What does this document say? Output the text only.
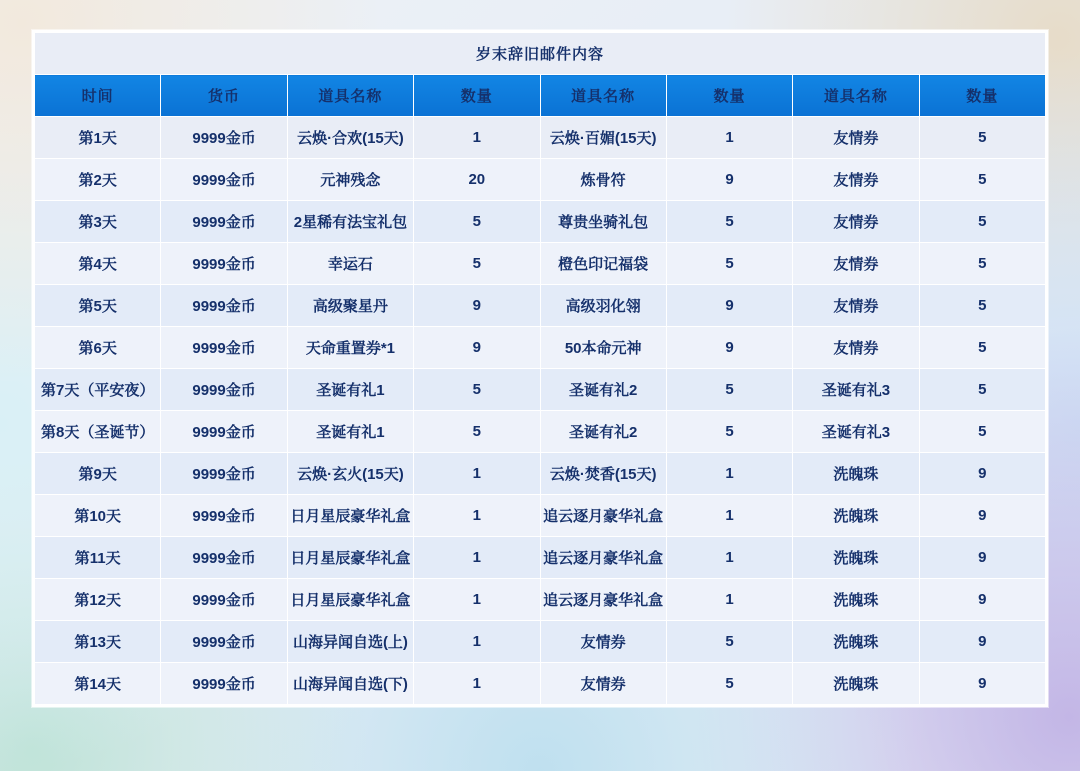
岁末辞旧邮件内容							
时间	货币	道具名称	数量	道具名称	数量	道具名称	数量
第1天	9999金币	云焕·合欢(15天)	1	云焕·百媚(15天)	1	友情券	5
第2天	9999金币	元神残念	20	炼骨符	9	友情券	5
第3天	9999金币	2星稀有法宝礼包	5	尊贵坐骑礼包	5	友情券	5
第4天	9999金币	幸运石	5	橙色印记福袋	5	友情券	5
第5天	9999金币	高级聚星丹	9	高级羽化翎	9	友情券	5
第6天	9999金币	天命重置券*1	9	50本命元神	9	友情券	5
第7天（平安夜）	9999金币	圣诞有礼1	5	圣诞有礼2	5	圣诞有礼3	5
第8天（圣诞节）	9999金币	圣诞有礼1	5	圣诞有礼2	5	圣诞有礼3	5
第9天	9999金币	云焕·玄火(15天)	1	云焕·焚香(15天)	1	洗魄珠	9
第10天	9999金币	日月星辰豪华礼盒	1	追云逐月豪华礼盒	1	洗魄珠	9
第11天	9999金币	日月星辰豪华礼盒	1	追云逐月豪华礼盒	1	洗魄珠	9
第12天	9999金币	日月星辰豪华礼盒	1	追云逐月豪华礼盒	1	洗魄珠	9
第13天	9999金币	山海异闻自选(上)	1	友情券	5	洗魄珠	9
第14天	9999金币	山海异闻自选(下)	1	友情券	5	洗魄珠	9
